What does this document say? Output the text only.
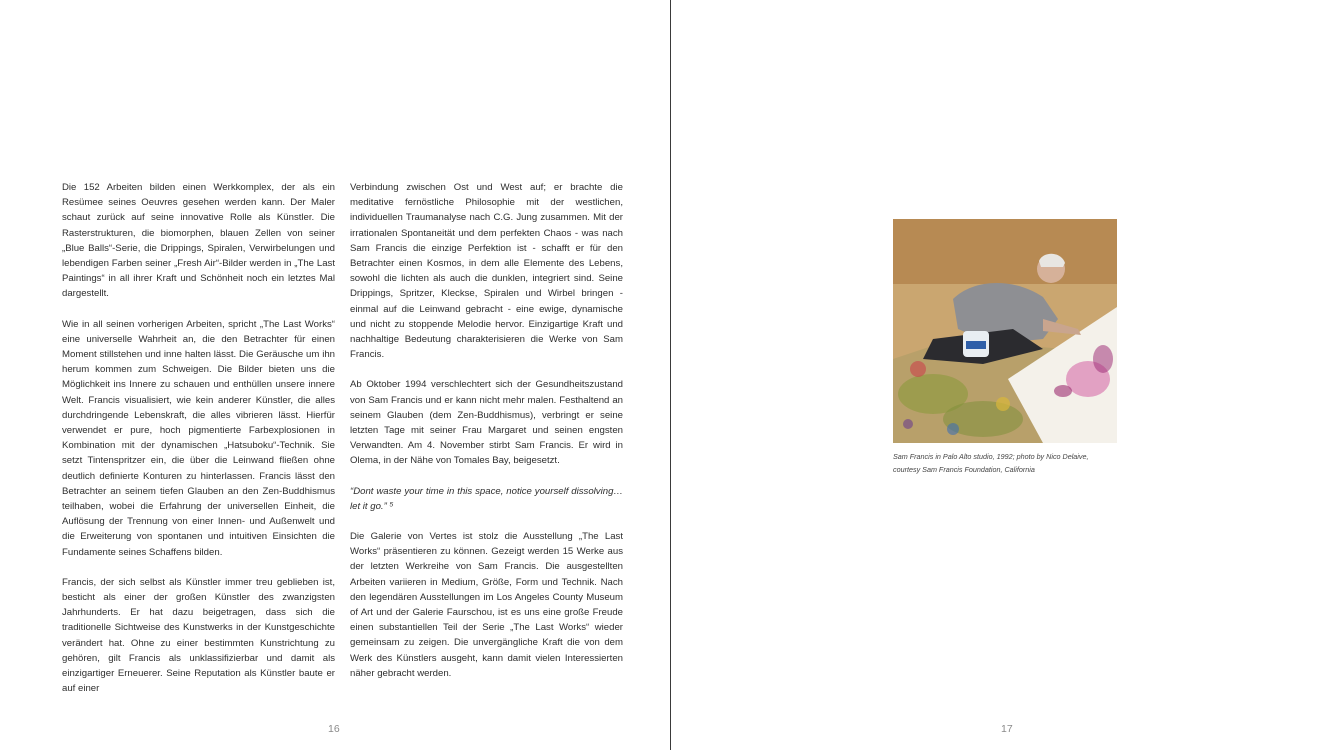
Die 152 Arbeiten bilden einen Werkkomplex, der als ein Resümee seines Oeuvres gesehen werden kann. Der Maler schaut zurück auf seine innovative Rolle als Künstler. Die Rasterstrukturen, die biomorphen, blauen Zellen von seiner „Blue Balls“-Serie, die Drippings, Spiralen, Verwirbelungen und lebendigen Farben seiner „Fresh Air“-Bilder werden in „The Last Paintings“ in all ihrer Kraft und Schönheit noch ein letztes Mal dargestellt.

Wie in all seinen vorherigen Arbeiten, spricht „The Last Works“ eine universelle Wahrheit an, die den Betrachter für einen Moment stillstehen und inne halten lässt. Die Geräusche um ihn herum kommen zum Schweigen. Die Bilder bieten uns die Möglichkeit ins Innere zu schauen und enthüllen unsere innere Welt. Francis visualisiert, wie kein anderer Künstler, die alles durchdringende Lebenskraft, die alles vibrieren lässt. Hierfür verwendet er pure, hoch pigmentierte Farbexplosionen in Kombination mit der dynamischen „Hatsuboku“-Technik. Sie setzt Tintenspritzer ein, die über die Leinwand fließen ohne deutlich definierte Konturen zu hinterlassen. Francis lässt den Betrachter an seinem tiefen Glauben an den Zen-Buddhismus teilhaben, wobei die Erfahrung der universellen Einheit, die Auflösung der Trennung von einer Innen- und Außenwelt und die Erweiterung von spontanen und intuitiven Einsichten die Fundamente seines Schaffens bilden.

Francis, der sich selbst als Künstler immer treu geblieben ist, besticht als einer der großen Künstler des zwanzigsten Jahrhunderts. Er hat dazu beigetragen, dass sich die traditionelle Sichtweise des Kunstwerks in der Kunstgeschichte verändert hat. Ohne zu einer bestimmten Kunstrichtung zu gehören, gilt Francis als unklassifizierbar und damit als einzigartiger Erneuerer. Seine Reputation als Künstler baute er auf einer

Verbindung zwischen Ost und West auf; er brachte die meditative fernöstliche Philosophie mit der westlichen, individuellen Traumanalyse nach C.G. Jung zusammen. Mit der irrationalen Spontaneität und dem perfekten Chaos - was nach Sam Francis die einzige Perfektion ist - schafft er für den Betrachter einen Kosmos, in dem alle Elemente des Lebens, sowohl die lichten als auch die dunklen, integriert sind. Seine Drippings, Spritzer, Kleckse, Spiralen und Wirbel bringen - einmal auf die Leinwand gebracht - eine ewige, dynamische und nicht zu stoppende Melodie hervor. Einzigartige Kraft und nachhaltige Bedeutung charakterisieren die Werke von Sam Francis.

Ab Oktober 1994 verschlechtert sich der Gesundheitszustand von Sam Francis und er kann nicht mehr malen. Festhaltend an seinem Glauben (dem Zen-Buddhismus), verbringt er seine letzten Tage mit seiner Frau Margaret und seinen engsten Verwandten. Am 4. November stirbt Sam Francis. Er wird in Olema, in der Nähe von Tomales Bay, beigesetzt.

“Dont waste your time in this space, notice yourself dissolving… let it go.” ⁵

Die Galerie von Vertes ist stolz die Ausstellung „The Last Works“ präsentieren zu können. Gezeigt werden 15 Werke aus der letzten Werkreihe von Sam Francis. Die ausgestellten Arbeiten variieren in Medium, Größe, Form und Technik. Nach den legendären Ausstellungen im Los Angeles County Museum of Art und der Galerie Faurschou, ist es uns eine große Freude einen substantiellen Teil der Serie „The Last Works“ wieder gemeinsam zu zeigen. Die unvergängliche Kraft die von dem Werk des Künstlers ausgeht, kann damit vielen Interessierten näher gebracht werden.

16
Sam Francis in Palo Alto studio, 1992; photo by Nico Delaive,
courtesy Sam Francis Foundation, California
17
